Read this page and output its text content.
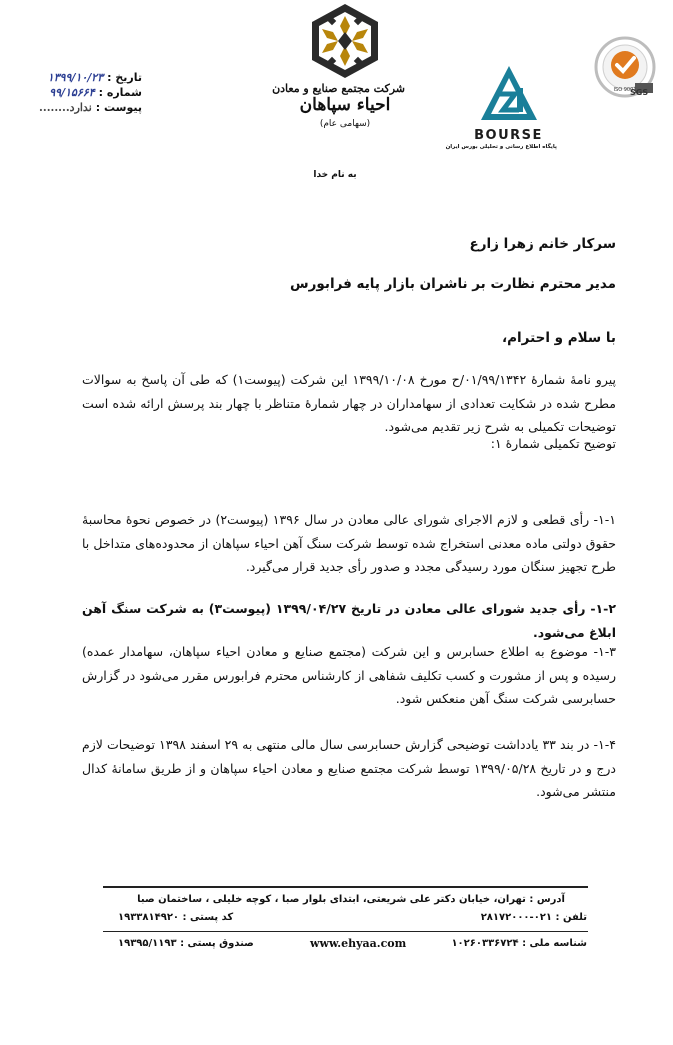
تاریخ :
۱۳۹۹/۱۰/۲۳
شماره :
۹۹/۱۵۶۶۴
پیوست :
ندارد........
شرکت مجتمع صنایع و معادن
احیاء سپاهان
(سهامی عام)
به نام خدا
BOURSE
پایگاه اطلاع رسانی و تحلیلی بورس ایران
ISO 9001
SGS
سرکار خانم زهرا زارع
مدیر محترم نظارت بر ناشران بازار پایه فرابورس
با سلام و احترام،
پیرو نامهٔ شمارهٔ ۰۱/۹۹/۱۳۴۲/ح مورخ ۱۳۹۹/۱۰/۰۸ این شرکت (پیوست۱) که طی آن پاسخ به سوالات مطرح شده در شکایت تعدادی از سهامداران در چهار شمارهٔ متناظر با چهار بند پرسش ارائه شده است توضیحات تکمیلی به شرح زیر تقدیم می‌شود.
توضیح تکمیلی شمارهٔ ۱:
۱-۱- رأی قطعی و لازم الاجرای شورای عالی معادن در سال ۱۳۹۶ (پیوست۲) در خصوص نحوهٔ محاسبهٔ حقوق دولتی ماده معدنی استخراج شده توسط شرکت سنگ آهن احیاء سپاهان از محدوده‌های متداخل با طرح تجهیز سنگان مورد رسیدگی مجدد و صدور رأی جدید قرار می‌گیرد.
۱-۲- رأی جدید شورای عالی معادن در تاریخ ۱۳۹۹/۰۴/۲۷ (پیوست۳) به شرکت سنگ آهن ابلاغ می‌شود.
۱-۳- موضوع به اطلاع حسابرس و این شرکت (مجتمع صنایع و معادن احیاء سپاهان، سهامدار عمده) رسیده و پس از مشورت و کسب تکلیف شفاهی از کارشناس محترم فرابورس مقرر می‌شود در گزارش حسابرسی شرکت سنگ آهن منعکس شود.
۱-۴- در بند ۳۳ یادداشت توضیحی گزارش حسابرسی سال مالی منتهی به ۲۹ اسفند ۱۳۹۸ توضیحات لازم درج و در تاریخ ۱۳۹۹/۰۵/۲۸ توسط شرکت مجتمع صنایع و معادن احیاء سپاهان و از طریق سامانهٔ کدال منتشر می‌شود.
آدرس : تهران، خیابان دکتر علی شریعتی، ابتدای بلوار صبا ، کوچه خلیلی ، ساختمان صبا
تلفن : ۰۲۱-۲۸۱۷۲۰۰۰
کد پستی : ۱۹۳۳۸۱۴۹۲۰
شناسه ملی : ۱۰۲۶۰۳۳۶۷۲۴
www.ehyaa.com
صندوق پستی : ۱۹۳۹۵/۱۱۹۳
